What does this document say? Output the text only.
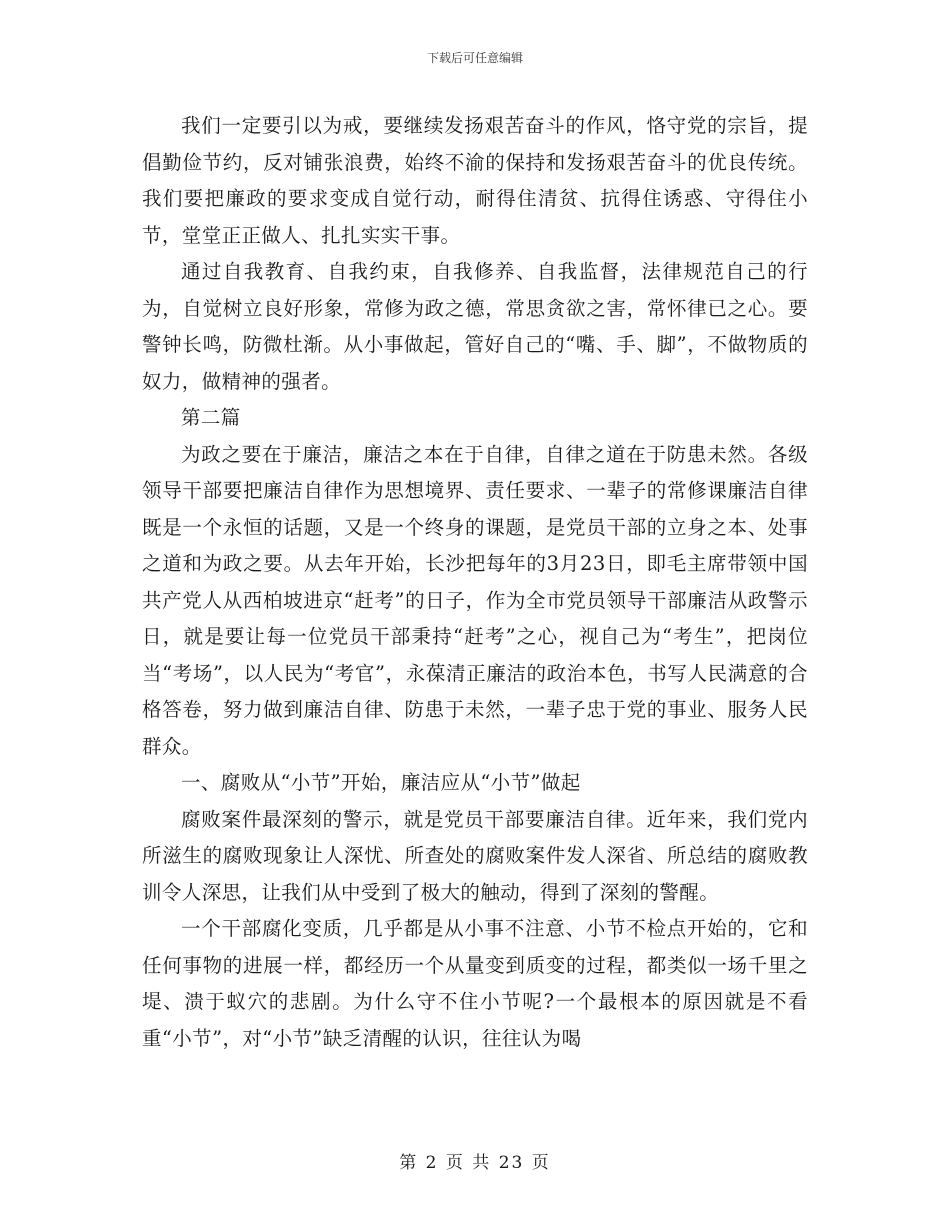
下载后可任意编辑

我们一定要引以为戒，要继续发扬艰苦奋斗的作风，恪守党的宗旨，提倡勤俭节约，反对铺张浪费，始终不渝的保持和发扬艰苦奋斗的优良传统。我们要把廉政的要求变成自觉行动，耐得住清贫、抗得住诱惑、守得住小节，堂堂正正做人、扎扎实实干事。

通过自我教育、自我约束，自我修养、自我监督，法律规范自己的行为，自觉树立良好形象，常修为政之德，常思贪欲之害，常怀律已之心。要警钟长鸣，防微杜渐。从小事做起，管好自己的“嘴、手、脚”，不做物质的奴力，做精神的强者。

第二篇

为政之要在于廉洁，廉洁之本在于自律，自律之道在于防患未然。各级领导干部要把廉洁自律作为思想境界、责任要求、一辈子的常修课廉洁自律既是一个永恒的话题，又是一个终身的课题，是党员干部的立身之本、处事之道和为政之要。从去年开始，长沙把每年的3月23日，即毛主席带领中国共产党人从西柏坡进京“赶考”的日子，作为全市党员领导干部廉洁从政警示日，就是要让每一位党员干部秉持“赶考”之心，视自己为“考生”，把岗位当“考场”，以人民为“考官”，永葆清正廉洁的政治本色，书写人民满意的合格答卷，努力做到廉洁自律、防患于未然，一辈子忠于党的事业、服务人民群众。

一、腐败从“小节”开始，廉洁应从“小节”做起

腐败案件最深刻的警示，就是党员干部要廉洁自律。近年来，我们党内所滋生的腐败现象让人深忧、所查处的腐败案件发人深省、所总结的腐败教训令人深思，让我们从中受到了极大的触动，得到了深刻的警醒。

一个干部腐化变质，几乎都是从小事不注意、小节不检点开始的，它和任何事物的进展一样，都经历一个从量变到质变的过程，都类似一场千里之堤、溃于蚁穴的悲剧。为什么守不住小节呢?一个最根本的原因就是不看重“小节”，对“小节”缺乏清醒的认识，往往认为喝

第 2 页 共 23 页
